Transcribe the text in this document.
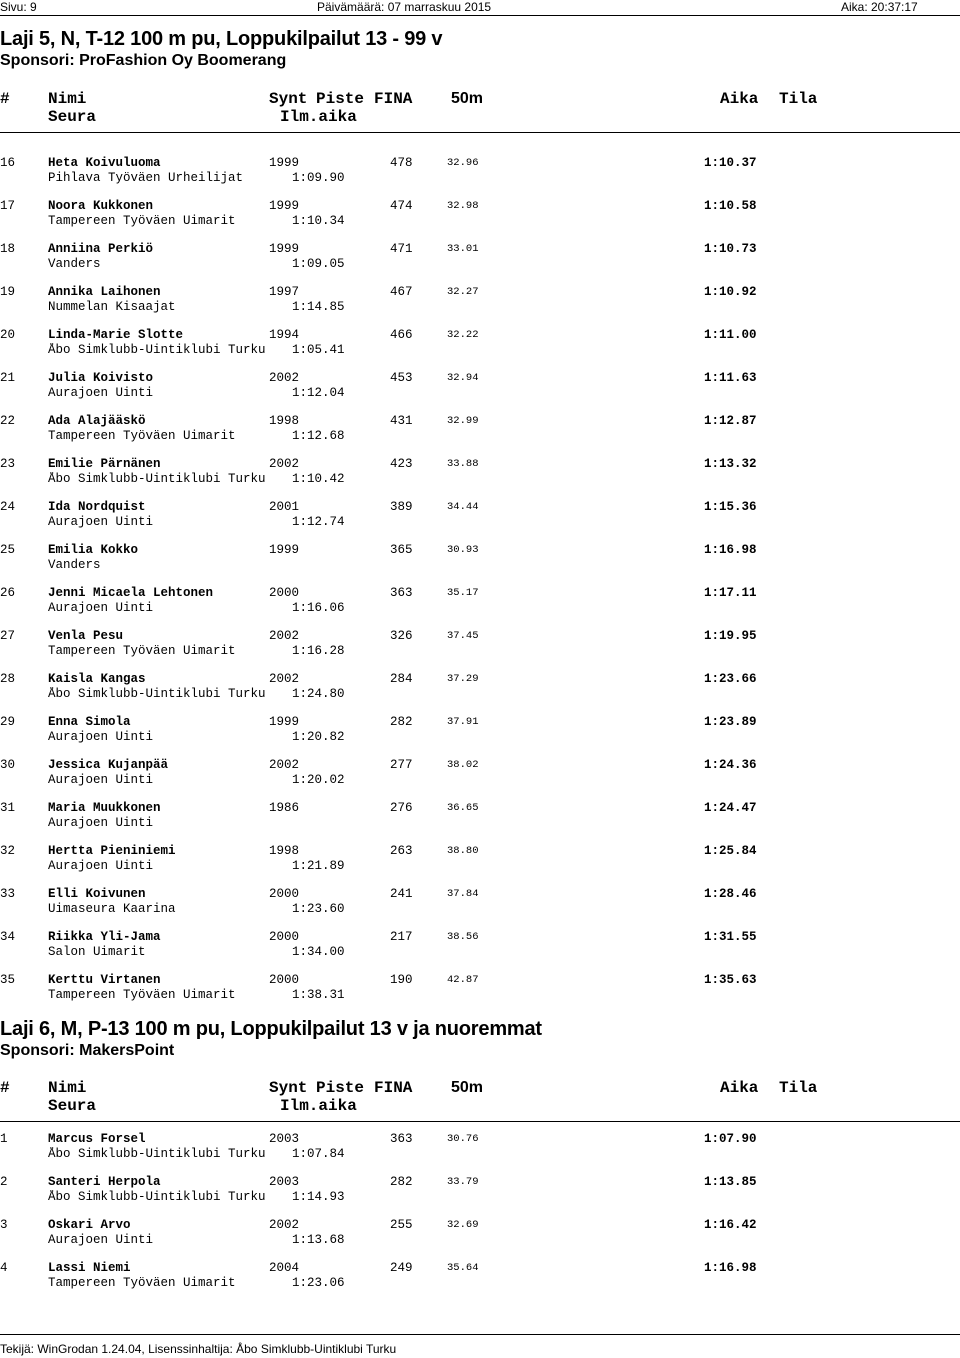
Sivu: 9	Päivämäärä: 07 marraskuu 2015	Aika: 20:37:17
Laji 5, N, T-12 100 m pu, Loppukilpailut 13 - 99 v
Sponsori: ProFashion Oy Boomerang
# Nimi	Synt Piste FINA	Aika Tila
50m
Seura	Ilm.aika
16	Heta Koivuluoma	1999	478	32.96	1:10.37
Pihlava Työväen Urheilijat	1:09.90
17	Noora Kukkonen	1999	474	32.98	1:10.58
Tampereen Työväen Uimarit	1:10.34
18	Anniina Perkiö	1999	471	33.01	1:10.73
Vanders	1:09.05
19	Annika Laihonen	1997	467	32.27	1:10.92
Nummelan Kisaajat	1:14.85
20	Linda-Marie Slotte	1994	466	32.22	1:11.00
Åbo Simklubb-Uintiklubi Turku	1:05.41
21	Julia Koivisto	2002	453	32.94	1:11.63
Aurajoen Uinti	1:12.04
22	Ada Alajääskö	1998	431	32.99	1:12.87
Tampereen Työväen Uimarit	1:12.68
23	Emilie Pärnänen	2002	423	33.88	1:13.32
Åbo Simklubb-Uintiklubi Turku	1:10.42
24	Ida Nordquist	2001	389	34.44	1:15.36
Aurajoen Uinti	1:12.74
25	Emilia Kokko	1999	365	30.93	1:16.98
Vanders
26	Jenni Micaela Lehtonen	2000	363	35.17	1:17.11
Aurajoen Uinti	1:16.06
27	Venla Pesu	2002	326	37.45	1:19.95
Tampereen Työväen Uimarit	1:16.28
28	Kaisla Kangas	2002	284	37.29	1:23.66
Åbo Simklubb-Uintiklubi Turku	1:24.80
29	Enna Simola	1999	282	37.91	1:23.89
Aurajoen Uinti	1:20.82
30	Jessica Kujanpää	2002	277	38.02	1:24.36
Aurajoen Uinti	1:20.02
31	Maria Muukkonen	1986	276	36.65	1:24.47
Aurajoen Uinti
32	Hertta Pieniniemi	1998	263	38.80	1:25.84
Aurajoen Uinti	1:21.89
33	Elli Koivunen	2000	241	37.84	1:28.46
Uimaseura Kaarina	1:23.60
34	Riikka Yli-Jama	2000	217	38.56	1:31.55
Salon Uimarit	1:34.00
35	Kerttu Virtanen	2000	190	42.87	1:35.63
Tampereen Työväen Uimarit	1:38.31
Laji 6, M, P-13 100 m pu, Loppukilpailut 13 v ja nuoremmat
Sponsori: MakersPoint
# Nimi	Synt Piste FINA	Aika Tila
50m
Seura	Ilm.aika
1	Marcus Forsel	2003	363	30.76	1:07.90
Åbo Simklubb-Uintiklubi Turku	1:07.84
2	Santeri Herpola	2003	282	33.79	1:13.85
Åbo Simklubb-Uintiklubi Turku	1:14.93
3	Oskari Arvo	2002	255	32.69	1:16.42
Aurajoen Uinti	1:13.68
4	Lassi Niemi	2004	249	35.64	1:16.98
Tampereen Työväen Uimarit	1:23.06
Tekijä: WinGrodan 1.24.04, Lisenssinhaltija: Åbo Simklubb-Uintiklubi Turku
